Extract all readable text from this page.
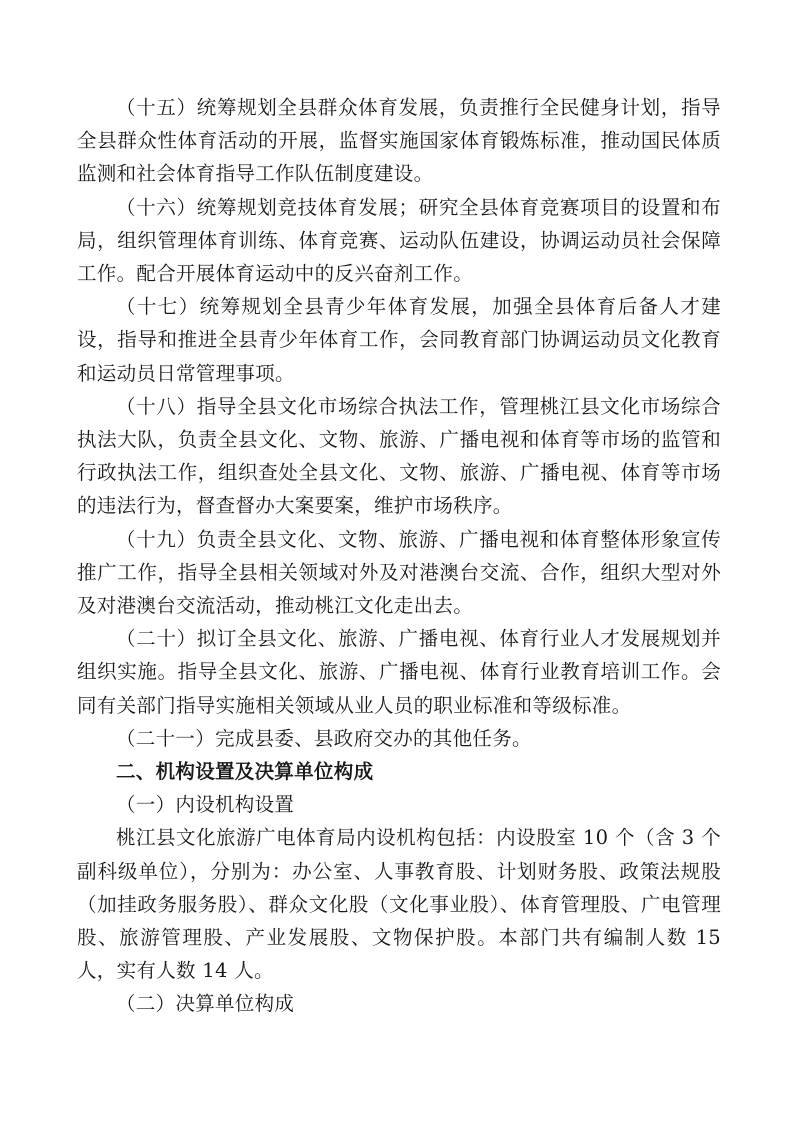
（十五）统筹规划全县群众体育发展，负责推行全民健身计划，指导全县群众性体育活动的开展，监督实施国家体育锻炼标准，推动国民体质监测和社会体育指导工作队伍制度建设。

（十六）统筹规划竞技体育发展；研究全县体育竞赛项目的设置和布局，组织管理体育训练、体育竞赛、运动队伍建设，协调运动员社会保障工作。配合开展体育运动中的反兴奋剂工作。

（十七）统筹规划全县青少年体育发展，加强全县体育后备人才建设，指导和推进全县青少年体育工作，会同教育部门协调运动员文化教育和运动员日常管理事项。

（十八）指导全县文化市场综合执法工作，管理桃江县文化市场综合执法大队，负责全县文化、文物、旅游、广播电视和体育等市场的监管和行政执法工作，组织查处全县文化、文物、旅游、广播电视、体育等市场的违法行为，督查督办大案要案，维护市场秩序。

（十九）负责全县文化、文物、旅游、广播电视和体育整体形象宣传推广工作，指导全县相关领域对外及对港澳台交流、合作，组织大型对外及对港澳台交流活动，推动桃江文化走出去。

（二十）拟订全县文化、旅游、广播电视、体育行业人才发展规划并组织实施。指导全县文化、旅游、广播电视、体育行业教育培训工作。会同有关部门指导实施相关领域从业人员的职业标准和等级标准。

（二十一）完成县委、县政府交办的其他任务。

二、机构设置及决算单位构成

（一）内设机构设置

桃江县文化旅游广电体育局内设机构包括：内设股室 10 个（含 3 个副科级单位），分别为：办公室、人事教育股、计划财务股、政策法规股（加挂政务服务股）、群众文化股（文化事业股）、体育管理股、广电管理股、旅游管理股、产业发展股、文物保护股。本部门共有编制人数 15 人，实有人数 14 人。

（二）决算单位构成
